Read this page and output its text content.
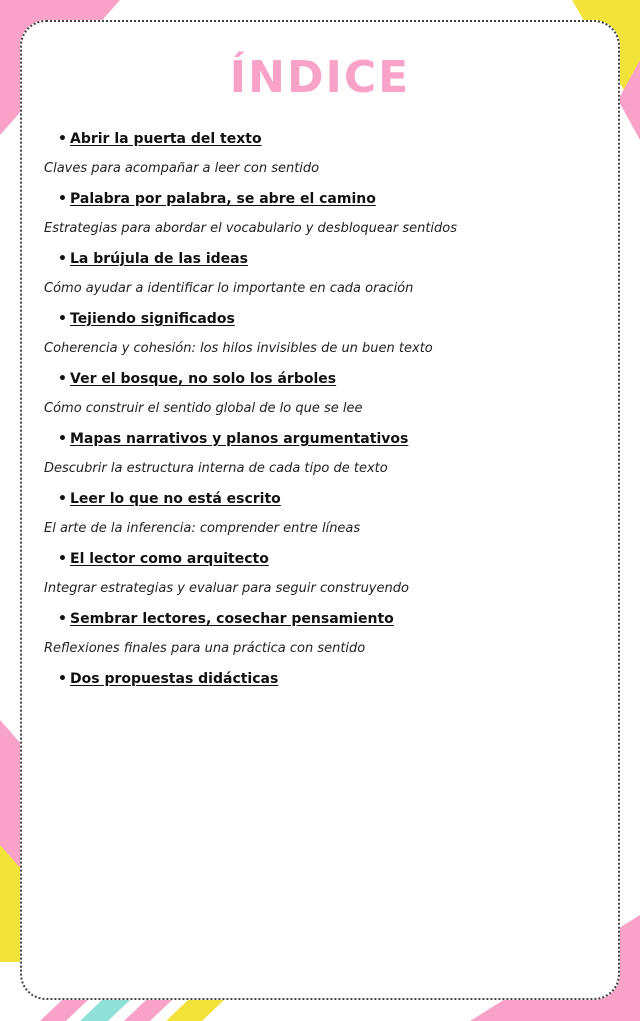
ÍNDICE
• Abrir la puerta del texto
Claves para acompañar a leer con sentido
• Palabra por palabra, se abre el camino
Estrategias para abordar el vocabulario y desbloquear sentidos
• La brújula de las ideas
Cómo ayudar a identificar lo importante en cada oración
• Tejiendo significados
Coherencia y cohesión: los hilos invisibles de un buen texto
• Ver el bosque, no solo los árboles
Cómo construir el sentido global de lo que se lee
• Mapas narrativos y planos argumentativos
Descubrir la estructura interna de cada tipo de texto
• Leer lo que no está escrito
El arte de la inferencia: comprender entre líneas
• El lector como arquitecto
Integrar estrategias y evaluar para seguir construyendo
• Sembrar lectores, cosechar pensamiento
Reflexiones finales para una práctica con sentido
• Dos propuestas didácticas
